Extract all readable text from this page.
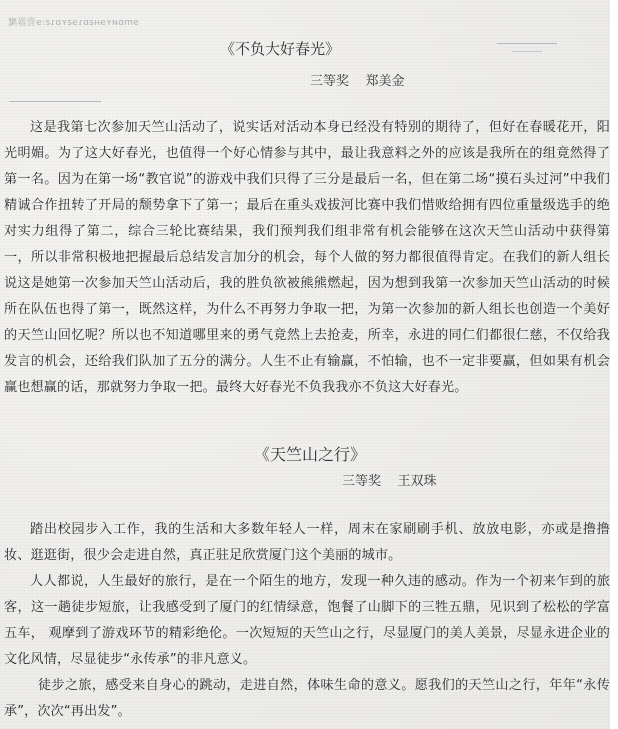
ɘmɒᴎʏɘʜƨɒɿɘƨʏɒɿƨ:ɘ瓷器魔
《不负大好春光》
三等奖    郑美金

这是我第七次参加天竺山活动了，说实话对活动本身已经没有特别的期待了，但好在春暖花开，阳光明媚。为了这大好春光，也值得一个好心情参与其中，最让我意料之外的应该是我所在的组竟然得了第一名。因为在第一场“教官说”的游戏中我们只得了三分是最后一名，但在第二场“摸石头过河”中我们精诚合作扭转了开局的颓势拿下了第一；最后在重头戏拔河比赛中我们惜败给拥有四位重量级选手的绝对实力组得了第二，综合三轮比赛结果，我们预判我们组非常有机会能够在这次天竺山活动中获得第一，所以非常积极地把握最后总结发言加分的机会，每个人做的努力都很值得肯定。在我们的新人组长说这是她第一次参加天竺山活动后，我的胜负欲被熊熊燃起，因为想到我第一次参加天竺山活动的时候所在队伍也得了第一，既然这样，为什么不再努力争取一把，为第一次参加的新人组长也创造一个美好的天竺山回忆呢？所以也不知道哪里来的勇气竟然上去抢麦，所幸，永进的同仁们都很仁慈，不仅给我发言的机会，还给我们队加了五分的满分。人生不止有输赢，不怕输，也不一定非要赢，但如果有机会赢也想赢的话，那就努力争取一把。最终大好春光不负我我亦不负这大好春光。

《天竺山之行》
三等奖    王双珠

踏出校园步入工作，我的生活和大多数年轻人一样，周末在家刷刷手机、放放电影，亦或是撸撸妆、逛逛街，很少会走进自然，真正驻足欣赏厦门这个美丽的城市。

人人都说，人生最好的旅行，是在一个陌生的地方，发现一种久违的感动。作为一个初来乍到的旅客，这一趟徒步短旅，让我感受到了厦门的红情绿意，饱餐了山脚下的三牲五鼎，见识到了松松的学富五车， 观摩到了游戏环节的精彩绝伦。一次短短的天竺山之行，尽显厦门的美人美景，尽显永进企业的文化风情，尽显徒步“永传承”的非凡意义。

徒步之旅，感受来自身心的跳动，走进自然，体味生命的意义。愿我们的天竺山之行，年年“永传承”，次次“再出发”。
